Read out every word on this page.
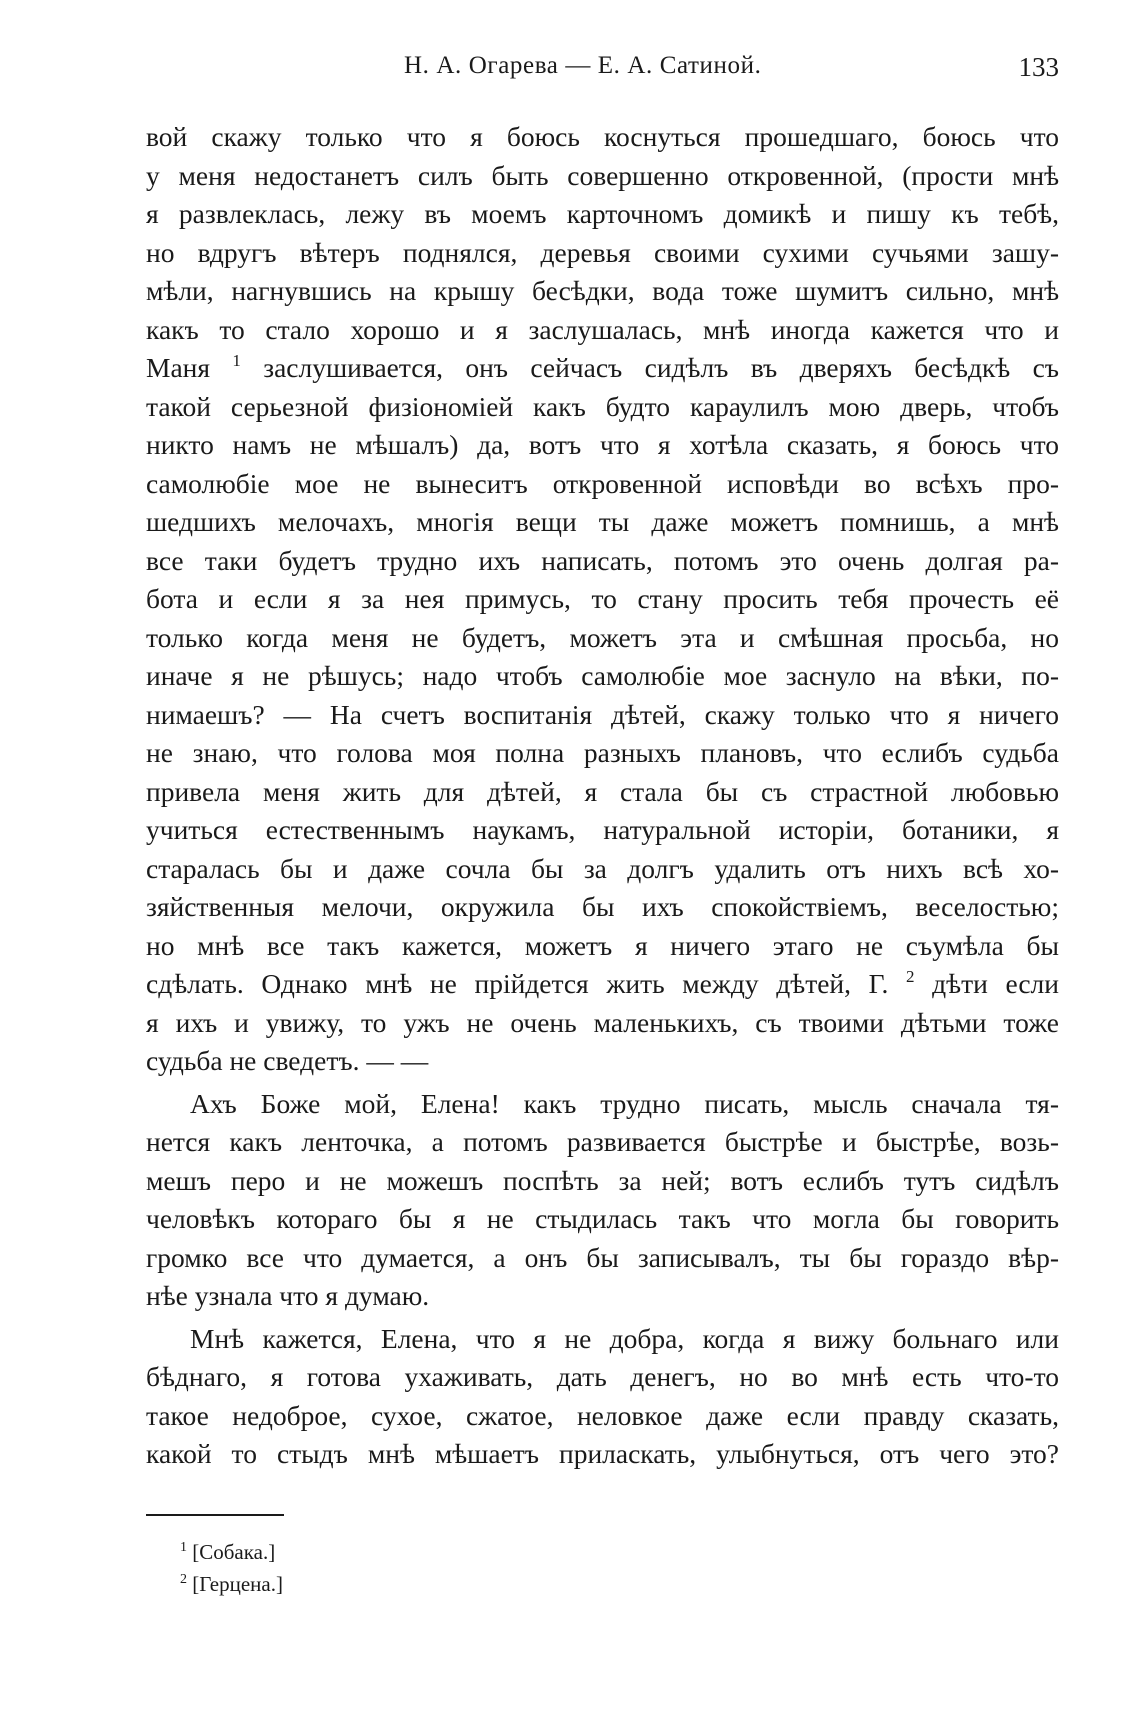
Н. А. Огарева — Е. А. Сатиной.	133
вой скажу только что я боюсь коснуться прошедшаго, боюсь что
у меня недостанетъ силъ быть совершенно откровенной, (прости мнѣ
я развлеклась, лежу въ моемъ карточномъ домикѣ и пишу къ тебѣ,
но вдругъ вѣтеръ поднялся, деревья своими сухими сучьями зашу-
мѣли, нагнувшись на крышу бесѣдки, вода тоже шумитъ сильно, мнѣ
какъ то стало хорошо и я заслушалась, мнѣ иногда кажется что и
Маня $^1$ заслушивается, онъ сейчасъ сидѣлъ въ дверяхъ бесѣдкѣ съ
такой серьезной физіономіей какъ будто караулилъ мою дверь, чтобъ
никто намъ не мѣшалъ) да, вотъ что я хотѣла сказать, я боюсь что
самолюбіе мое не вынеситъ откровенной исповѣди во всѣхъ про-
шедшихъ мелочахъ, многія вещи ты даже можетъ помнишь, а мнѣ
все таки будетъ трудно ихъ написать, потомъ это очень долгая ра-
бота и если я за нея примусь, то стану просить тебя прочесть её
только когда меня не будетъ, можетъ эта и смѣшная просьба, но
иначе я не рѣшусь; надо чтобъ самолюбіе мое заснуло на вѣки, по-
нимаешъ? — На счетъ воспитанія дѣтей, скажу только что я ничего
не знаю, что голова моя полна разныхъ плановъ, что еслибъ судьба
привела меня жить для дѣтей, я стала бы съ страстной любовью
учиться естественнымъ наукамъ, натуральной исторіи, ботаники, я
старалась бы и даже сочла бы за долгъ удалить отъ нихъ всѣ хо-
зяйственныя мелочи, окружила бы ихъ спокойствіемъ, веселостью;
но мнѣ все такъ кажется, можетъ я ничего этаго не съумѣла бы
сдѣлать. Однако мнѣ не прійдется жить между дѣтей, Г. $^2$ дѣти если
я ихъ и увижу, то ужъ не очень маленькихъ, съ твоими дѣтьми тоже
судьба не сведетъ. — —
Ахъ Боже мой, Елена! какъ трудно писать, мысль сначала тя-
нется какъ ленточка, а потомъ развивается быстрѣе и быстрѣе, возь-
мешъ перо и не можешъ поспѣть за ней; вотъ еслибъ тутъ сидѣлъ
человѣкъ котораго бы я не стыдилась такъ что могла бы говорить
громко все что думается, а онъ бы записывалъ, ты бы гораздо вѣр-
нѣе узнала что я думаю.
Мнѣ кажется, Елена, что я не добра, когда я вижу больнаго или
бѣднаго, я готова ухаживать, дать денегъ, но во мнѣ есть что-то
такое недоброе, сухое, сжатое, неловкое даже если правду сказать,
какой то стыдъ мнѣ мѣшаетъ приласкать, улыбнуться, отъ чего это?
$^1$ [Собака.]
$^2$ [Герцена.]
